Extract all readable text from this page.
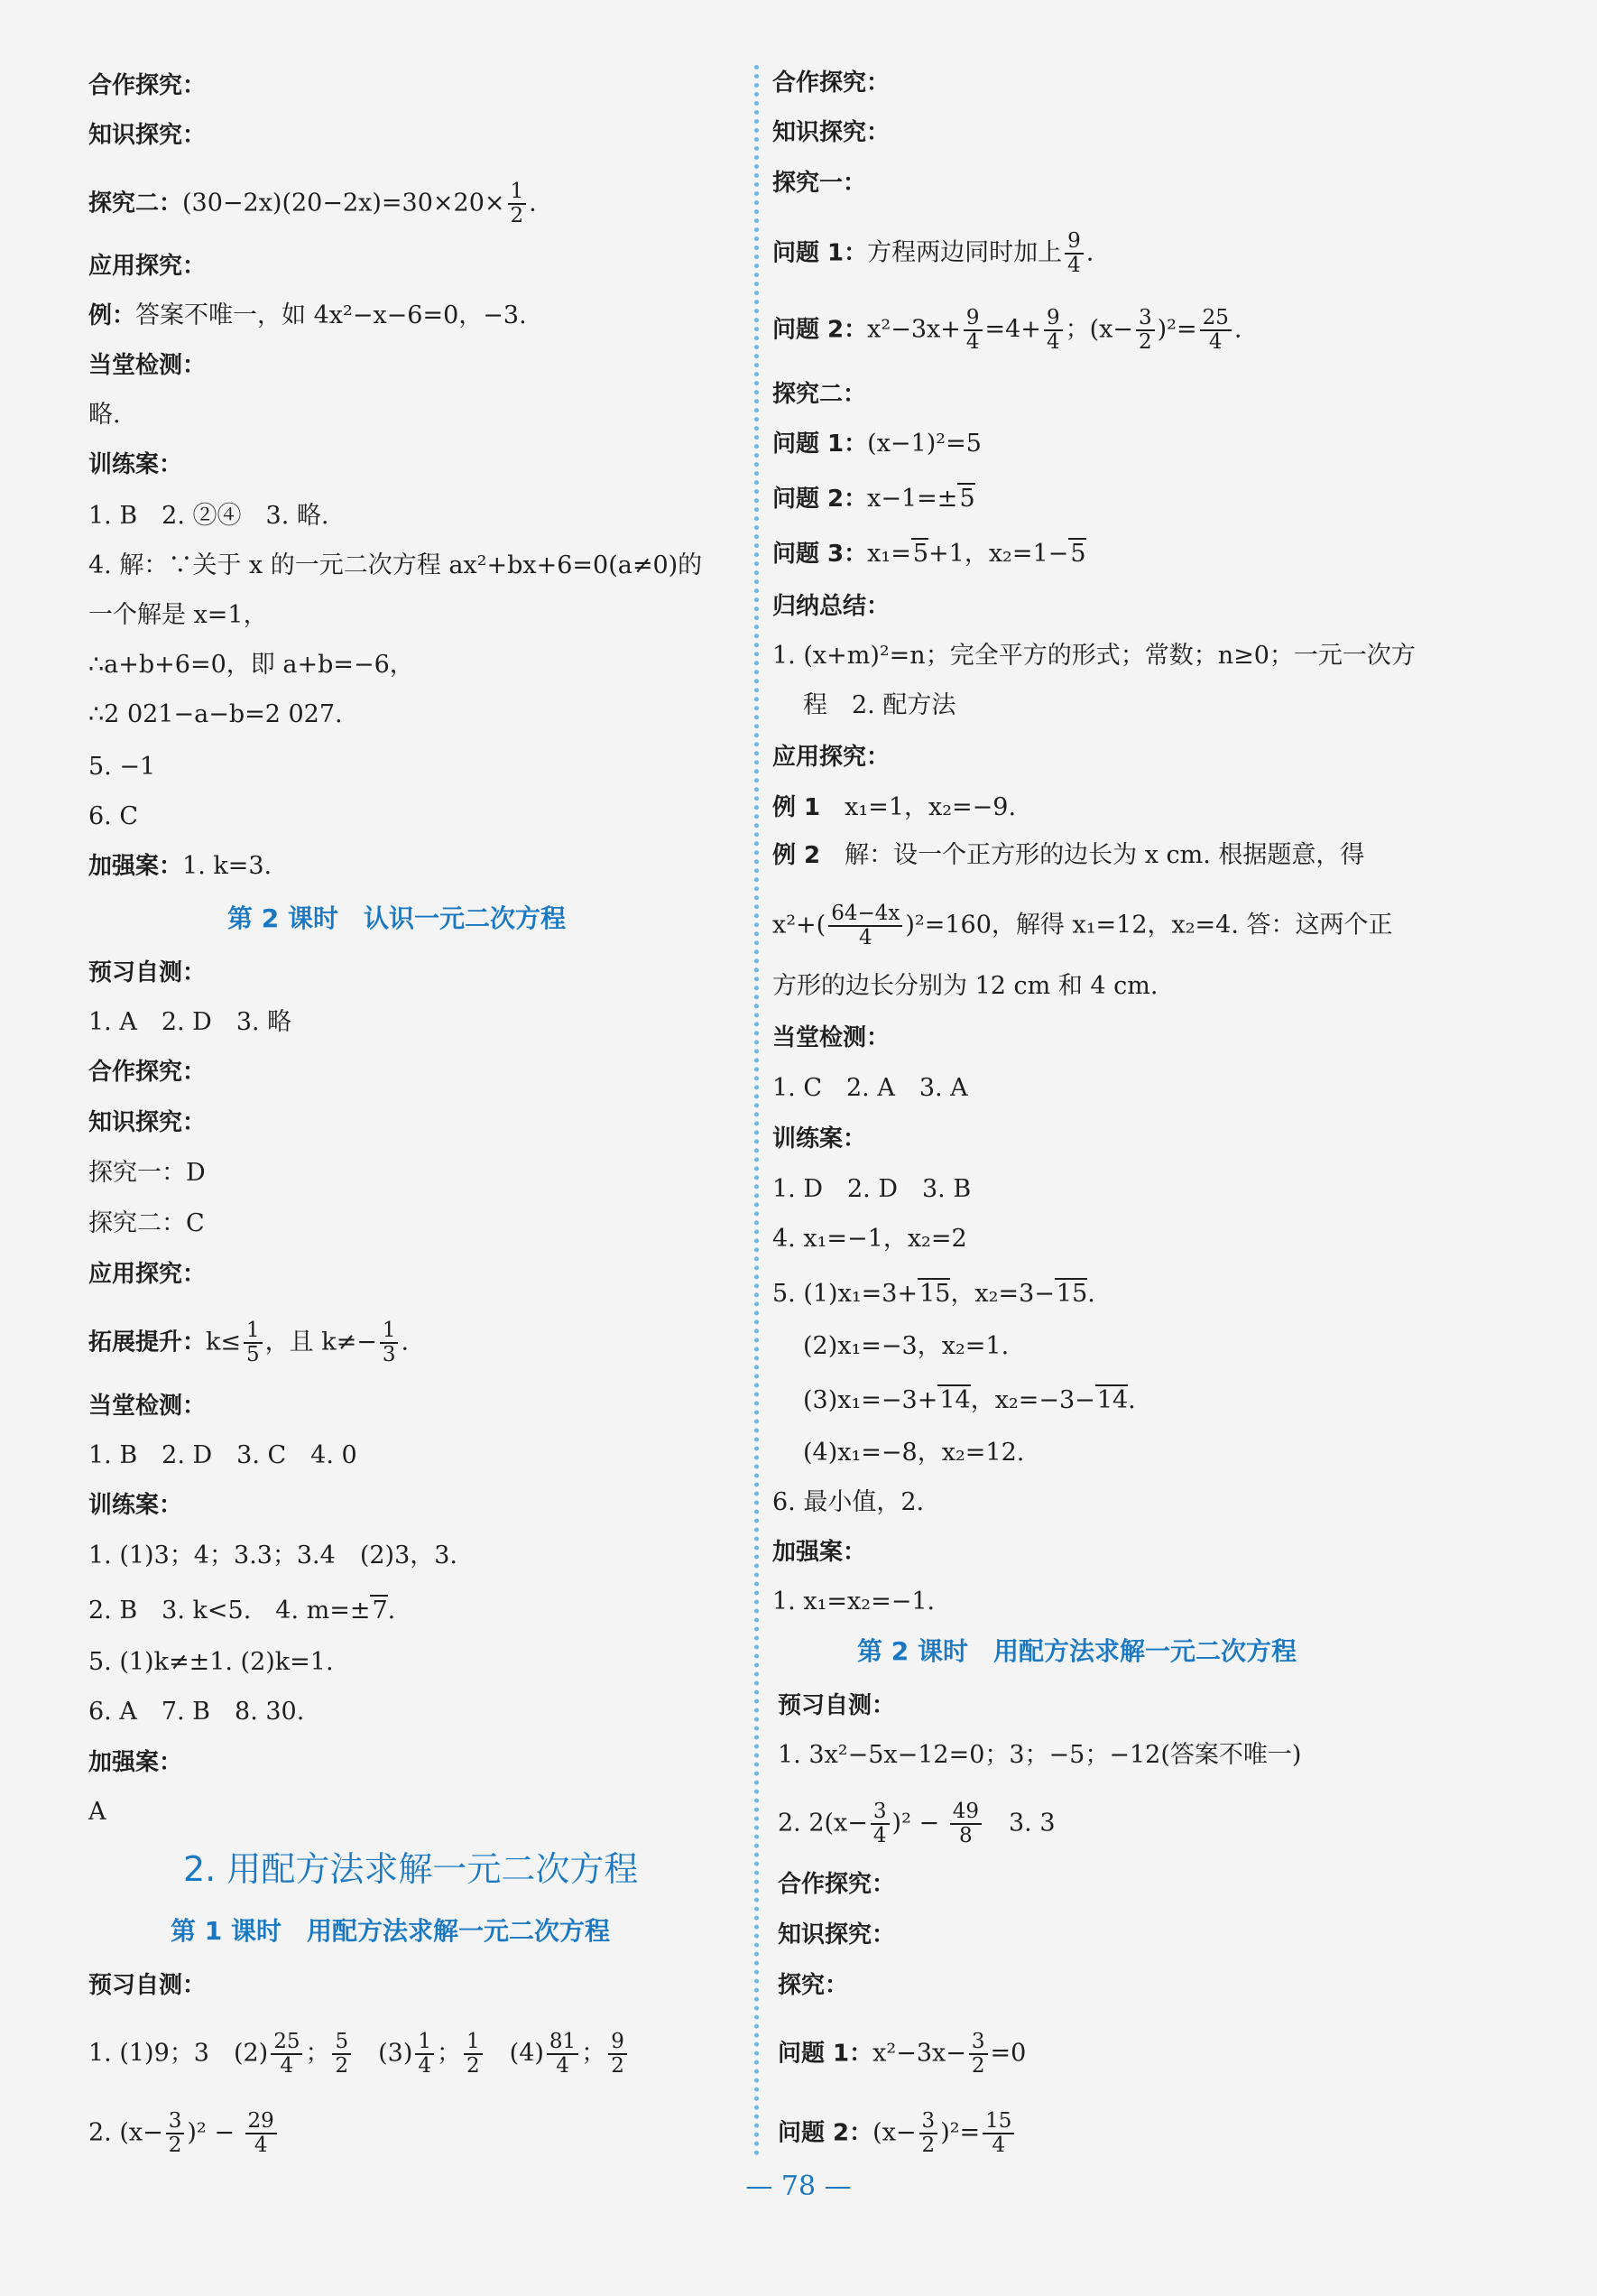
合作探究：
知识探究：
探究二：$(30-2x)(20-2x)=30\times 20\times \frac{1}{2}$ .
应用探究：
例：答案不唯一，如 4x²−x−6=0，−3.
当堂检测：
略.
训练案：
1. B　2. ②④　3. 略.
4. 解：∵关于 x 的一元二次方程 ax²+bx+6=0(a≠0)的
一个解是 x=1，
∴a+b+6=0，即 a+b=−6，
∴2 021−a−b=2 027.
5. −1
6. C
加强案：1. k=3.
第 2 课时　认识一元二次方程
预习自测：
1. A　2. D　3. 略
合作探究：
知识探究：
探究一：D
探究二：C
应用探究：
拓展提升：$k\le \frac{1}{5}$ ，且 $k\ne- \frac{1}{3}$ .
当堂检测：
1. B　2. D　3. C　4. 0
训练案：
1. (1)3；4；3.3；3.4　(2)3，3.
2. B　3. k<5.　4. m=±7.
5. (1)k≠±1. (2)k=1.
6. A　7. B　8. 30.
加强案：
A
2. 用配方法求解一元二次方程
第 1 课时　用配方法求解一元二次方程
预习自测：
1. (1)9；3　$(2) \frac{25}{4}$ ； $\frac{5}{2}$ 　$(3) \frac{1}{4}$ ； $\frac{1}{2}$ 　$(4) \frac{81}{4}$ ； $\frac{9}{2}$
2. $(x- \frac{3}{2} )^2 - \frac{29}{4}$
合作探究：
知识探究：
探究一：
问题 1：方程两边同时加上 $\frac{9}{4}$ .
问题 2：$x^2-3x+ \frac{9}{4} =4+ \frac{9}{4}$ ；$(x- \frac{3}{2} )^2= \frac{25}{4}$ .
探究二：
问题 1：(x−1)²=5
问题 2：x−1=±5
问题 3：x₁=5+1，x₂=1−5
归纳总结：
1. (x+m)²=n；完全平方的形式；常数；n≥0；一元一次方
程　2. 配方法
应用探究：
例 1　x₁=1，x₂=−9.
例 2　解：设一个正方形的边长为 x cm. 根据题意，得
$x^2+( \frac{64-4x}{4} )^2=160$，解得 x₁=12，x₂=4. 答：这两个正
方形的边长分别为 12 cm 和 4 cm.
当堂检测：
1. C　2. A　3. A
训练案：
1. D　2. D　3. B
4. x₁=−1，x₂=2
5. (1)x₁=3+15，x₂=3−15.
(2)x₁=−3，x₂=1.
(3)x₁=−3+14，x₂=−3−14.
(4)x₁=−8，x₂=12.
6. 最小值，2.
加强案：
1. x₁=x₂=−1.
第 2 课时　用配方法求解一元二次方程
预习自测：
1. 3x²−5x−12=0；3；−5；−12(答案不唯一)
2. $2(x- \frac{3}{4} )^2 - \frac{49}{8}$ 　3. 3
合作探究：
知识探究：
探究：
问题 1：$x^2-3x- \frac{3}{2} =0$
问题 2：$(x- \frac{3}{2} )^2= \frac{15}{4}$
— 78 —
